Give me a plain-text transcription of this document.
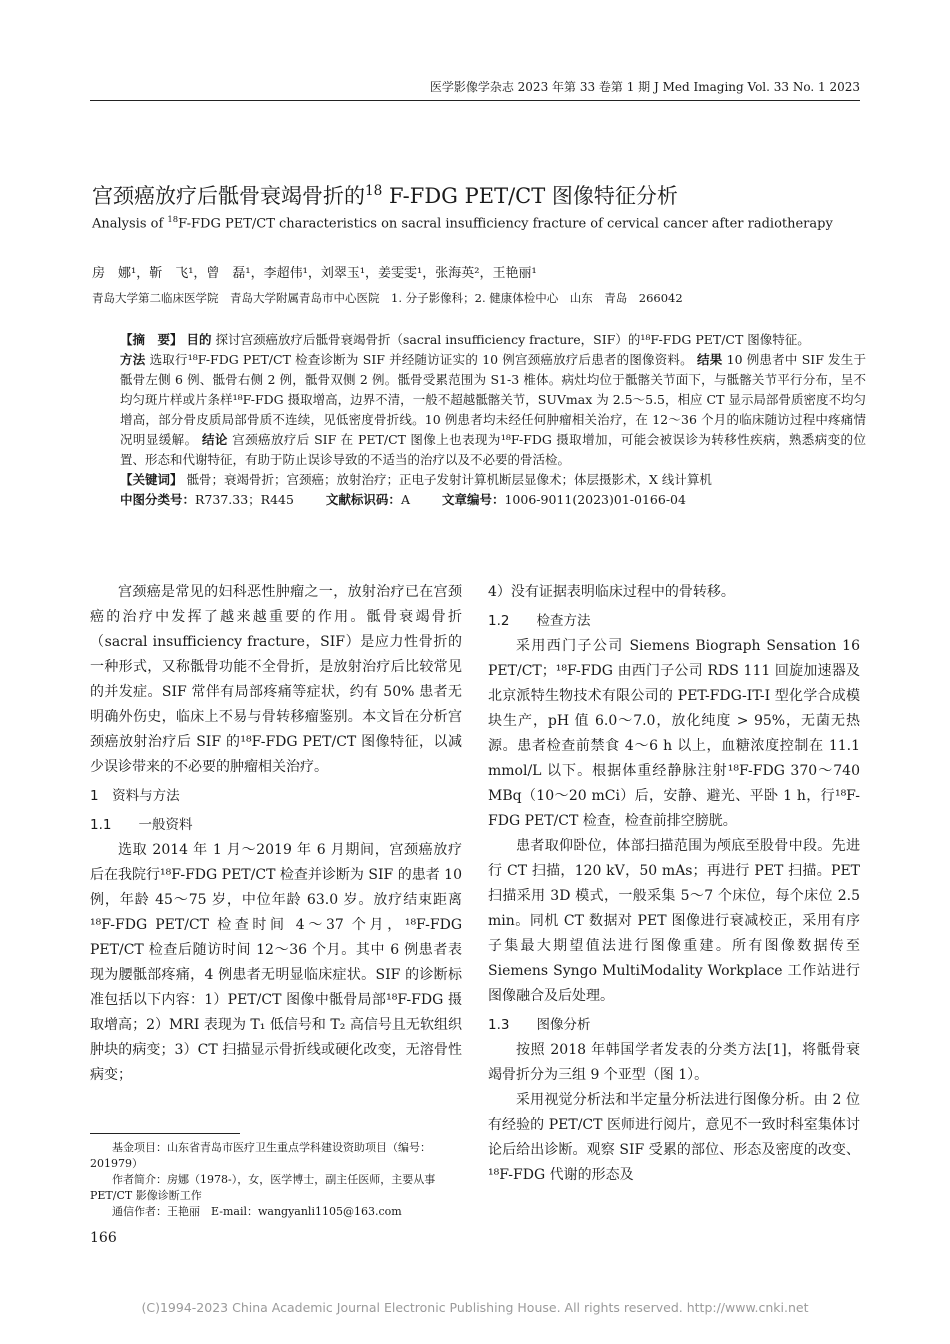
医学影像学杂志 2023 年第 33 卷第 1 期 J Med Imaging Vol. 33 No. 1 2023
宫颈癌放疗后骶骨衰竭骨折的$^{18}$ F-FDG PET/CT 图像特征分析
Analysis of $^{18}$F-FDG PET/CT characteristics on sacral insufficiency fracture of cervical cancer after radiotherapy
房　娜¹，靳　飞¹，曾　磊¹，李超伟¹，刘翠玉¹，姜雯雯¹，张海英²，王艳丽¹
青岛大学第二临床医学院　青岛大学附属青岛市中心医院　1. 分子影像科；2. 健康体检中心　山东　青岛　266042
【摘　要】 目的 探讨宫颈癌放疗后骶骨衰竭骨折（sacral insufficiency fracture，SIF）的¹⁸F-FDG PET/CT 图像特征。
方法 选取行¹⁸F-FDG PET/CT 检查诊断为 SIF 并经随访证实的 10 例宫颈癌放疗后患者的图像资料。 结果 10 例患者中 SIF 发生于骶骨左侧 6 例、骶骨右侧 2 例，骶骨双侧 2 例。骶骨受累范围为 S1-3 椎体。病灶均位于骶髂关节面下，与骶髂关节平行分布，呈不均匀斑片样或片条样¹⁸F-FDG 摄取增高，边界不清，一般不超越骶髂关节，SUVmax 为 2.5～5.5，相应 CT 显示局部骨质密度不均匀增高，部分骨皮质局部骨质不连续，见低密度骨折线。10 例患者均未经任何肿瘤相关治疗，在 12～36 个月的临床随访过程中疼痛情况明显缓解。 结论 宫颈癌放疗后 SIF 在 PET/CT 图像上也表现为¹⁸F-FDG 摄取增加，可能会被误诊为转移性疾病，熟悉病变的位置、形态和代谢特征，有助于防止误诊导致的不适当的治疗以及不必要的骨活检。
【关键词】 骶骨；衰竭骨折；宫颈癌；放射治疗；正电子发射计算机断层显像术；体层摄影术，X 线计算机
中图分类号：R737.33；R445	文献标识码：A	文章编号：1006-9011(2023)01-0166-04

宫颈癌是常见的妇科恶性肿瘤之一，放射治疗已在宫颈癌的治疗中发挥了越来越重要的作用。骶骨衰竭骨折（sacral insufficiency fracture，SIF）是应力性骨折的一种形式，又称骶骨功能不全骨折，是放射治疗后比较常见的并发症。SIF 常伴有局部疼痛等症状，约有 50% 患者无明确外伤史，临床上不易与骨转移瘤鉴别。本文旨在分析宫颈癌放射治疗后 SIF 的¹⁸F-FDG PET/CT 图像特征，以减少误诊带来的不必要的肿瘤相关治疗。

1　资料与方法
1.1　　一般资料

选取 2014 年 1 月～2019 年 6 月期间，宫颈癌放疗后在我院行¹⁸F-FDG PET/CT 检查并诊断为 SIF 的患者 10 例，年龄 45～75 岁，中位年龄 63.0 岁。放疗结束距离¹⁸F-FDG PET/CT 检查时间 4～37 个月，¹⁸F-FDG PET/CT 检查后随访时间 12～36 个月。其中 6 例患者表现为腰骶部疼痛，4 例患者无明显临床症状。SIF 的诊断标准包括以下内容：1）PET/CT 图像中骶骨局部¹⁸F-FDG 摄取增高；2）MRI 表现为 T₁ 低信号和 T₂ 高信号且无软组织肿块的病变；3）CT 扫描显示骨折线或硬化改变，无溶骨性病变；

4）没有证据表明临床过程中的骨转移。

1.2　　检查方法

采用西门子公司 Siemens Biograph Sensation 16 PET/CT；¹⁸F-FDG 由西门子公司 RDS 111 回旋加速器及北京派特生物技术有限公司的 PET-FDG-IT-I 型化学合成模块生产，pH 值 6.0～7.0，放化纯度 > 95%，无菌无热源。患者检查前禁食 4～6 h 以上，血糖浓度控制在 11.1 mmol/L 以下。根据体重经静脉注射¹⁸F-FDG 370～740 MBq（10～20 mCi）后，安静、避光、平卧 1 h，行¹⁸F-FDG PET/CT 检查，检查前排空膀胱。

患者取仰卧位，体部扫描范围为颅底至股骨中段。先进行 CT 扫描，120 kV，50 mAs；再进行 PET 扫描。PET 扫描采用 3D 模式，一般采集 5～7 个床位，每个床位 2.5 min。同机 CT 数据对 PET 图像进行衰减校正，采用有序子集最大期望值法进行图像重建。所有图像数据传至 Siemens Syngo MultiModality Workplace 工作站进行图像融合及后处理。

1.3　　图像分析

按照 2018 年韩国学者发表的分类方法[1]，将骶骨衰竭骨折分为三组 9 个亚型（图 1）。

采用视觉分析法和半定量分析法进行图像分析。由 2 位有经验的 PET/CT 医师进行阅片，意见不一致时科室集体讨论后给出诊断。观察 SIF 受累的部位、形态及密度的改变、¹⁸F-FDG 代谢的形态及

基金项目：山东省青岛市医疗卫生重点学科建设资助项目（编号：201979）

作者简介：房娜（1978-），女，医学博士，副主任医师，主要从事 PET/CT 影像诊断工作

通信作者：王艳丽　E-mail：wangyanli1105@163.com

166
(C)1994-2023 China Academic Journal Electronic Publishing House. All rights reserved. http://www.cnki.net
